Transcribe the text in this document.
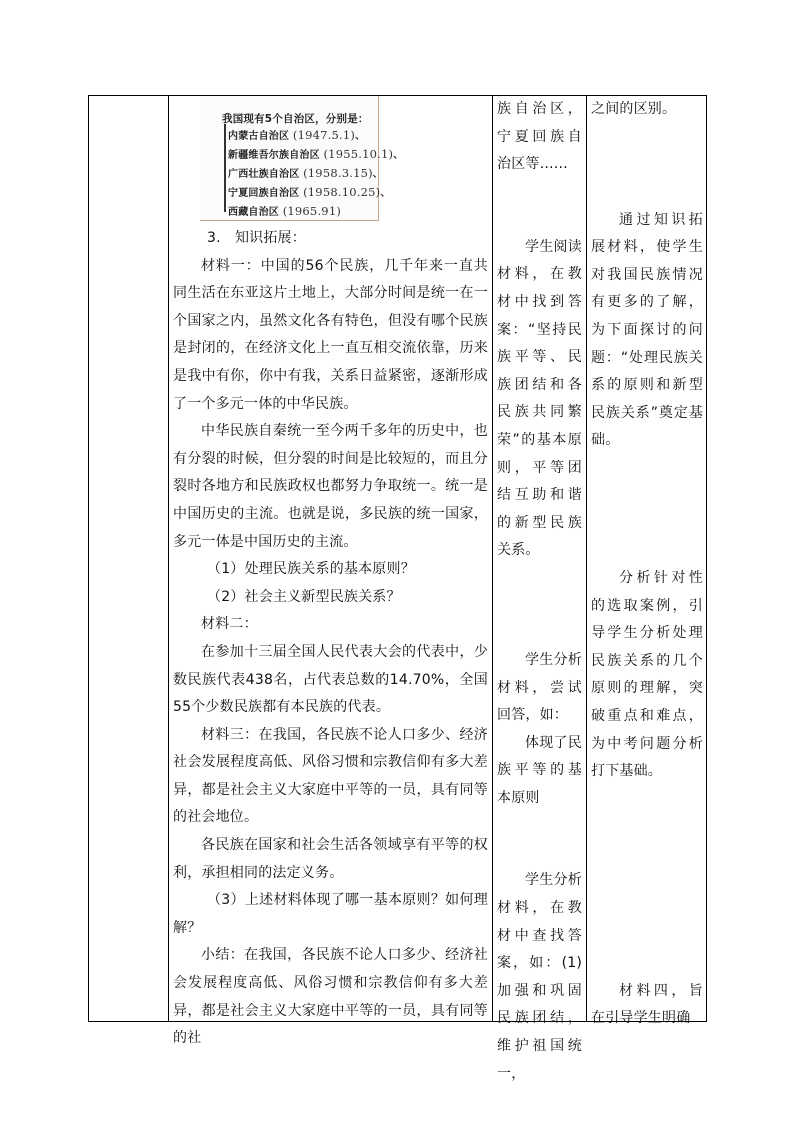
我国现有5个自治区，分别是：
内蒙古自治区 (1947.5.1)、
新疆维吾尔族自治区 (1955.10.1)、
广西壮族自治区 (1958.3.15)、
宁夏回族自治区 (1958.10.25)、
西藏自治区 (1965.91)

3.　知识拓展：

材料一：中国的56个民族，几千年来一直共同生活在东亚这片土地上，大部分时间是统一在一个国家之内，虽然文化各有特色，但没有哪个民族是封闭的，在经济文化上一直互相交流依靠，历来是我中有你，你中有我，关系日益紧密，逐渐形成了一个多元一体的中华民族。

中华民族自秦统一至今两千多年的历史中，也有分裂的时候，但分裂的时间是比较短的，而且分裂时各地方和民族政权也都努力争取统一。统一是中国历史的主流。也就是说，多民族的统一国家，多元一体是中国历史的主流。

（1）处理民族关系的基本原则？

（2）社会主义新型民族关系？

材料二：

在参加十三届全国人民代表大会的代表中，少数民族代表438名，占代表总数的14.70%，全国55个少数民族都有本民族的代表。

材料三：在我国，各民族不论人口多少、经济社会发展程度高低、风俗习惯和宗教信仰有多大差异，都是社会主义大家庭中平等的一员，具有同等的社会地位。

各民族在国家和社会生活各领域享有平等的权利，承担相同的法定义务。

（3）上述材料体现了哪一基本原则？如何理解？

小结：在我国，各民族不论人口多少、经济社会发展程度高低、风俗习惯和宗教信仰有多大差异，都是社会主义大家庭中平等的一员，具有同等的社

族自治区，宁夏回族自治区等……

学生阅读材料，在教材中找到答案：“坚持民族平等、民族团结和各民族共同繁荣”的基本原则，平等团结互助和谐的新型民族关系。

学生分析材料，尝试回答，如：

体现了民族平等的基本原则

学生分析材料，在教材中查找答案，如：(1)加强和巩固民族团结，维护祖国统一，

之间的区别。

通过知识拓展材料，使学生对我国民族情况有更多的了解，为下面探讨的问题：“处理民族关系的原则和新型民族关系”奠定基础。

分析针对性的选取案例，引导学生分析处理民族关系的几个原则的理解，突破重点和难点，为中考问题分析打下基础。

材料四，旨在引导学生明确
